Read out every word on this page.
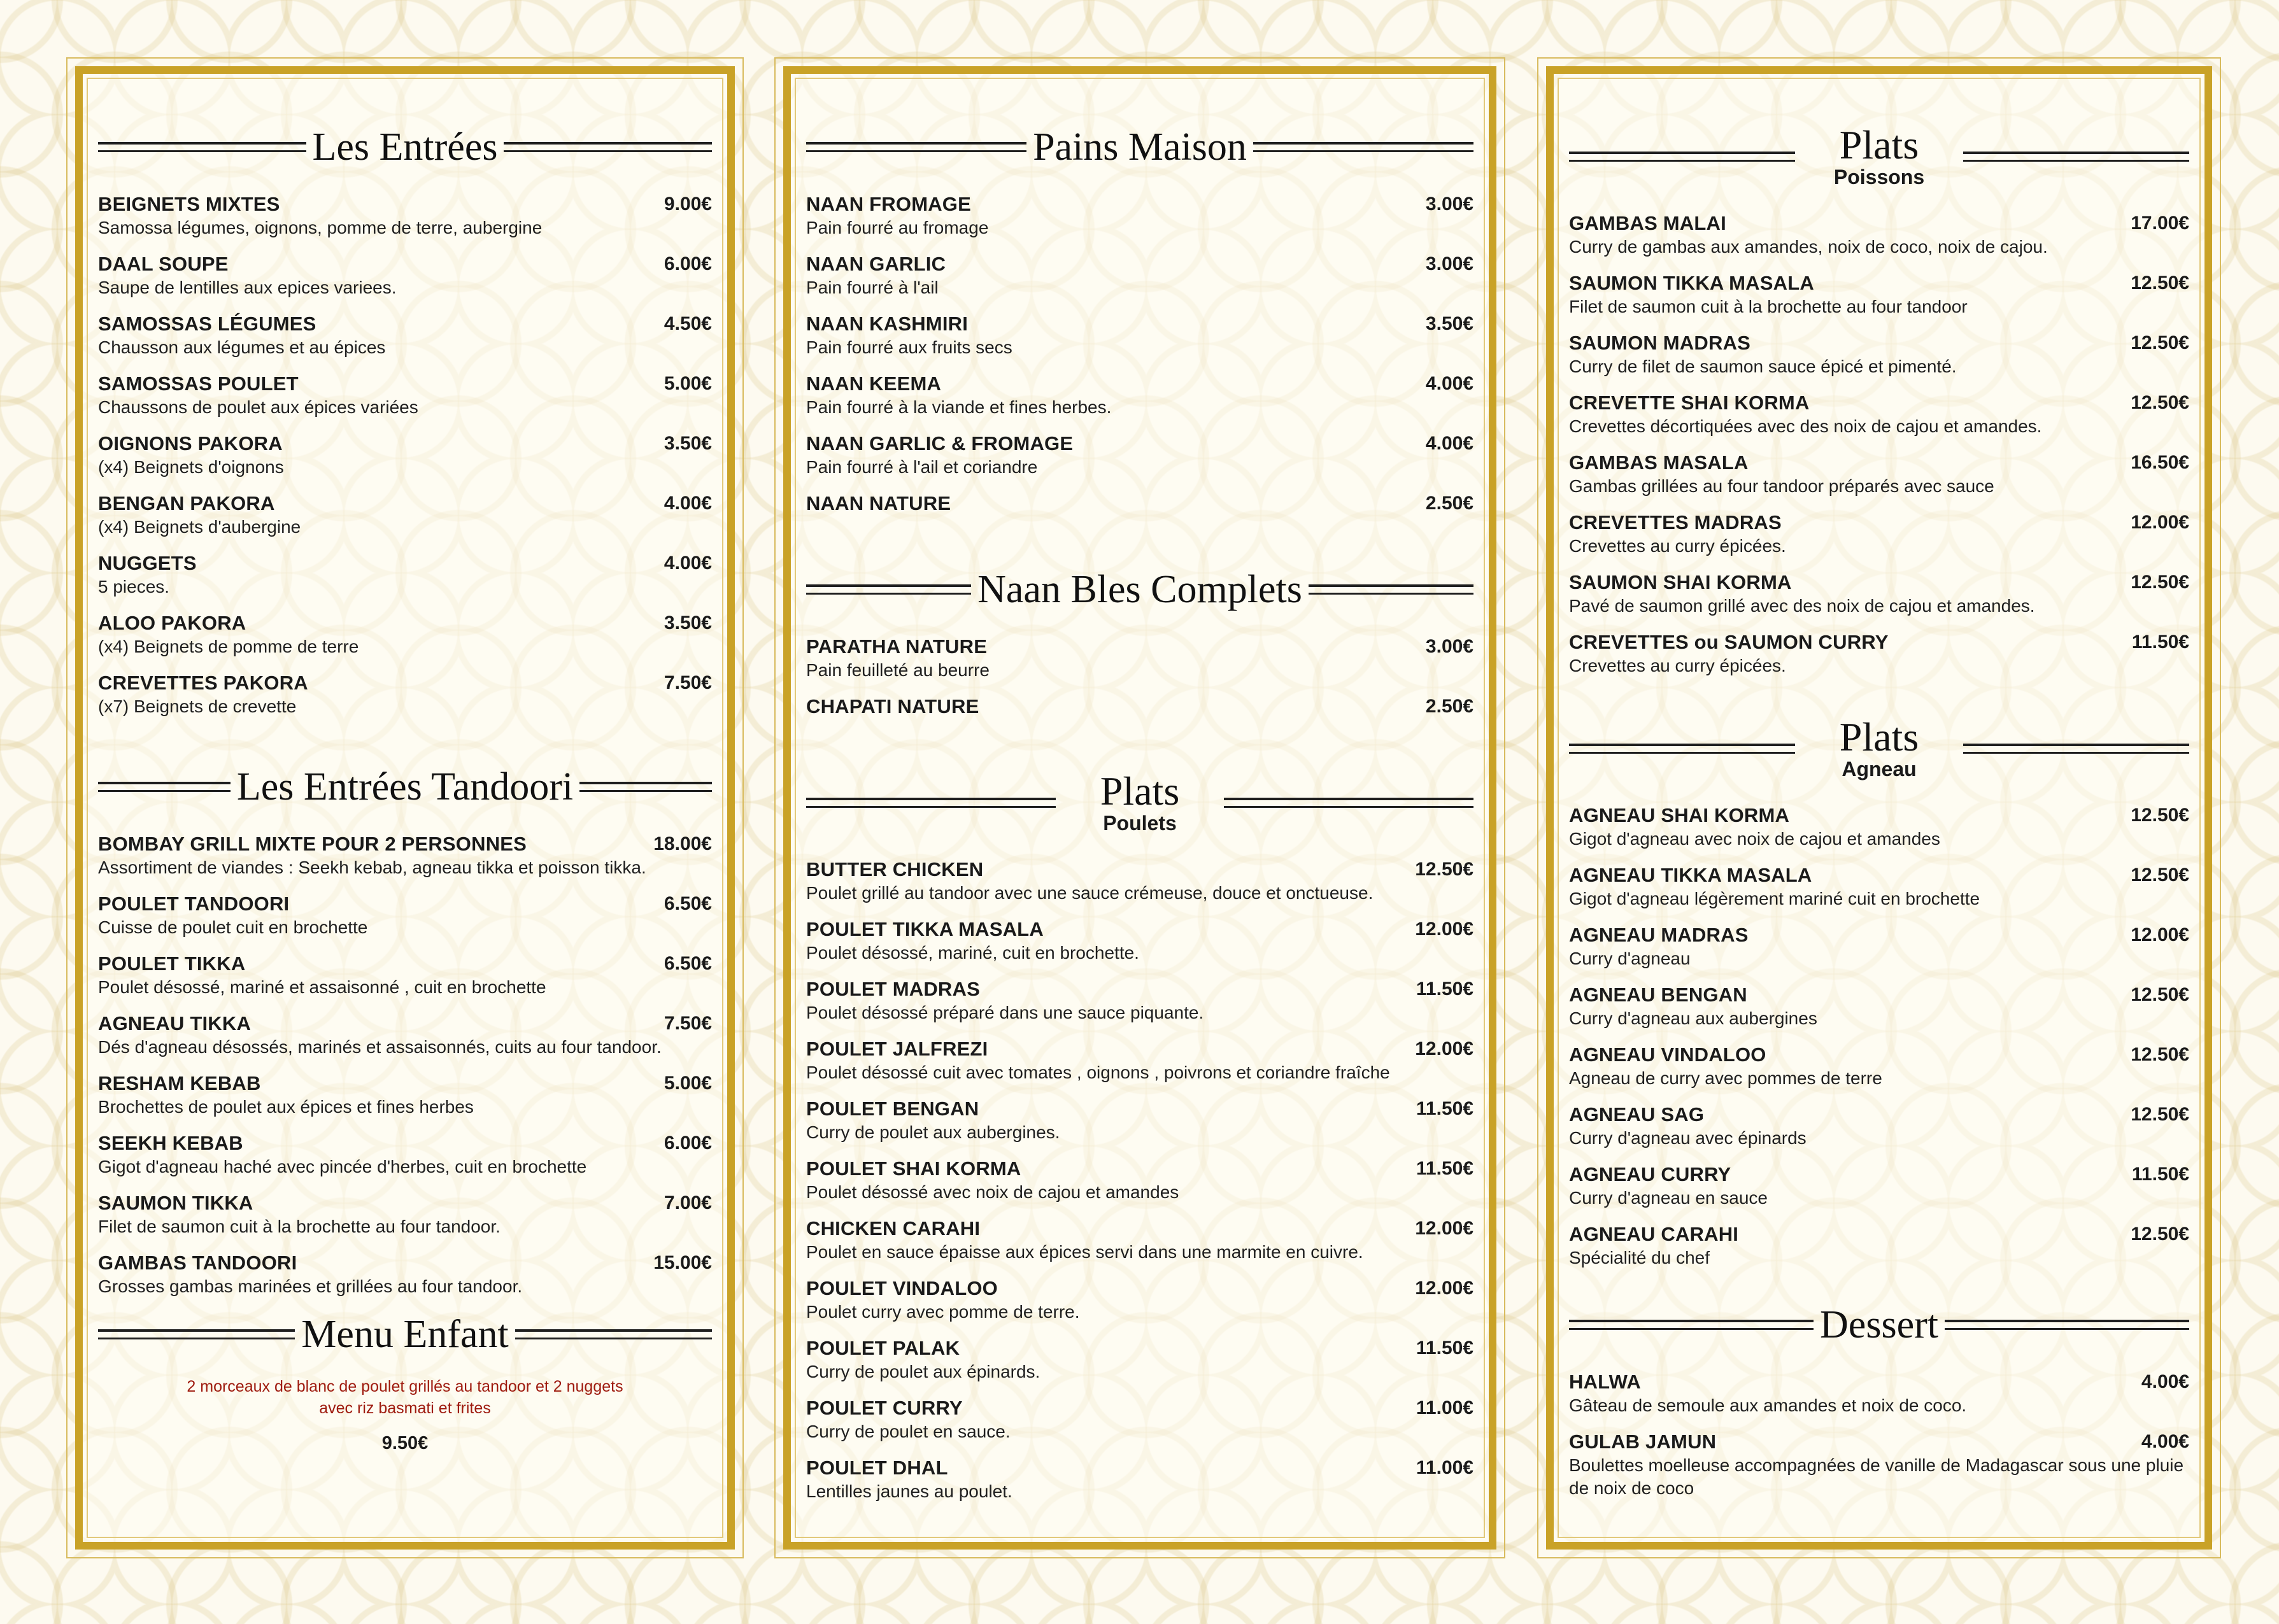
Les Entrées
BEIGNETS MIXTES	9.00€
Samossa légumes, oignons, pomme de terre, aubergine
DAAL SOUPE	6.00€
Saupe de lentilles aux epices variees.
SAMOSSAS LÉGUMES	4.50€
Chausson aux légumes et au épices
SAMOSSAS POULET	5.00€
Chaussons de poulet aux épices variées
OIGNONS PAKORA	3.50€
(x4) Beignets d'oignons
BENGAN PAKORA	4.00€
(x4) Beignets d'aubergine
NUGGETS	4.00€
5 pieces.
ALOO PAKORA	3.50€
(x4) Beignets de pomme de terre
CREVETTES PAKORA	7.50€
(x7) Beignets de crevette
Les Entrées Tandoori
BOMBAY GRILL MIXTE POUR 2 PERSONNES	18.00€
Assortiment de viandes : Seekh kebab, agneau tikka et poisson tikka.
POULET TANDOORI	6.50€
Cuisse de poulet cuit en brochette
POULET TIKKA	6.50€
Poulet désossé, mariné et assaisonné , cuit en brochette
AGNEAU TIKKA	7.50€
Dés d'agneau désossés, marinés et assaisonnés, cuits au four tandoor.
RESHAM KEBAB	5.00€
Brochettes de poulet aux épices et fines herbes
SEEKH KEBAB	6.00€
Gigot d'agneau haché avec pincée d'herbes, cuit en brochette
SAUMON TIKKA	7.00€
Filet de saumon cuit à la brochette au four tandoor.
GAMBAS TANDOORI	15.00€
Grosses gambas marinées et grillées au four tandoor.
Menu Enfant
2 morceaux de blanc de poulet grillés au tandoor et 2 nuggets
avec riz basmati et frites
9.50€
Pains Maison
NAAN FROMAGE	3.00€
Pain fourré au fromage
NAAN GARLIC	3.00€
Pain fourré à l'ail
NAAN KASHMIRI	3.50€
Pain fourré aux fruits secs
NAAN KEEMA	4.00€
Pain fourré à la viande et fines herbes.
NAAN GARLIC & FROMAGE	4.00€
Pain fourré à l'ail et coriandre
NAAN NATURE	2.50€
Naan Bles Complets
PARATHA NATURE	3.00€
Pain feuilleté au beurre
CHAPATI NATURE	2.50€
Plats
Poulets
BUTTER CHICKEN	12.50€
Poulet grillé au tandoor avec une sauce crémeuse, douce et onctueuse.
POULET TIKKA MASALA	12.00€
Poulet désossé, mariné, cuit en brochette.
POULET MADRAS	11.50€
Poulet désossé préparé dans une sauce piquante.
POULET JALFREZI	12.00€
Poulet désossé cuit avec tomates , oignons , poivrons et coriandre fraîche
POULET BENGAN	11.50€
Curry de poulet aux aubergines.
POULET SHAI KORMA	11.50€
Poulet désossé avec noix de cajou et amandes
CHICKEN CARAHI	12.00€
Poulet en sauce épaisse aux épices servi dans une marmite en cuivre.
POULET VINDALOO	12.00€
Poulet curry avec pomme de terre.
POULET PALAK	11.50€
Curry de poulet aux épinards.
POULET CURRY	11.00€
Curry de poulet en sauce.
POULET DHAL	11.00€
Lentilles jaunes au poulet.
Plats
Poissons
GAMBAS MALAI	17.00€
Curry de gambas aux amandes, noix de coco, noix de cajou.
SAUMON TIKKA MASALA	12.50€
Filet de saumon cuit à la brochette au four tandoor
SAUMON MADRAS	12.50€
Curry de filet de saumon sauce épicé et pimenté.
CREVETTE SHAI KORMA	12.50€
Crevettes décortiquées avec des noix de cajou et amandes.
GAMBAS MASALA	16.50€
Gambas grillées au four tandoor préparés avec sauce
CREVETTES MADRAS	12.00€
Crevettes au curry épicées.
SAUMON SHAI KORMA	12.50€
Pavé de saumon grillé avec des noix de cajou et amandes.
CREVETTES ou SAUMON CURRY	11.50€
Crevettes au curry épicées.
Plats
Agneau
AGNEAU SHAI KORMA	12.50€
Gigot d'agneau avec noix de cajou et amandes
AGNEAU TIKKA MASALA	12.50€
Gigot d'agneau légèrement mariné cuit en brochette
AGNEAU MADRAS	12.00€
Curry d'agneau
AGNEAU BENGAN	12.50€
Curry d'agneau aux aubergines
AGNEAU VINDALOO	12.50€
Agneau de curry avec pommes de terre
AGNEAU SAG	12.50€
Curry d'agneau avec épinards
AGNEAU CURRY	11.50€
Curry d'agneau en sauce
AGNEAU CARAHI	12.50€
Spécialité du chef
Dessert
HALWA	4.00€
Gâteau de semoule aux amandes et noix de coco.
GULAB JAMUN	4.00€
Boulettes moelleuse accompagnées de vanille de Madagascar sous une pluie de noix de coco
